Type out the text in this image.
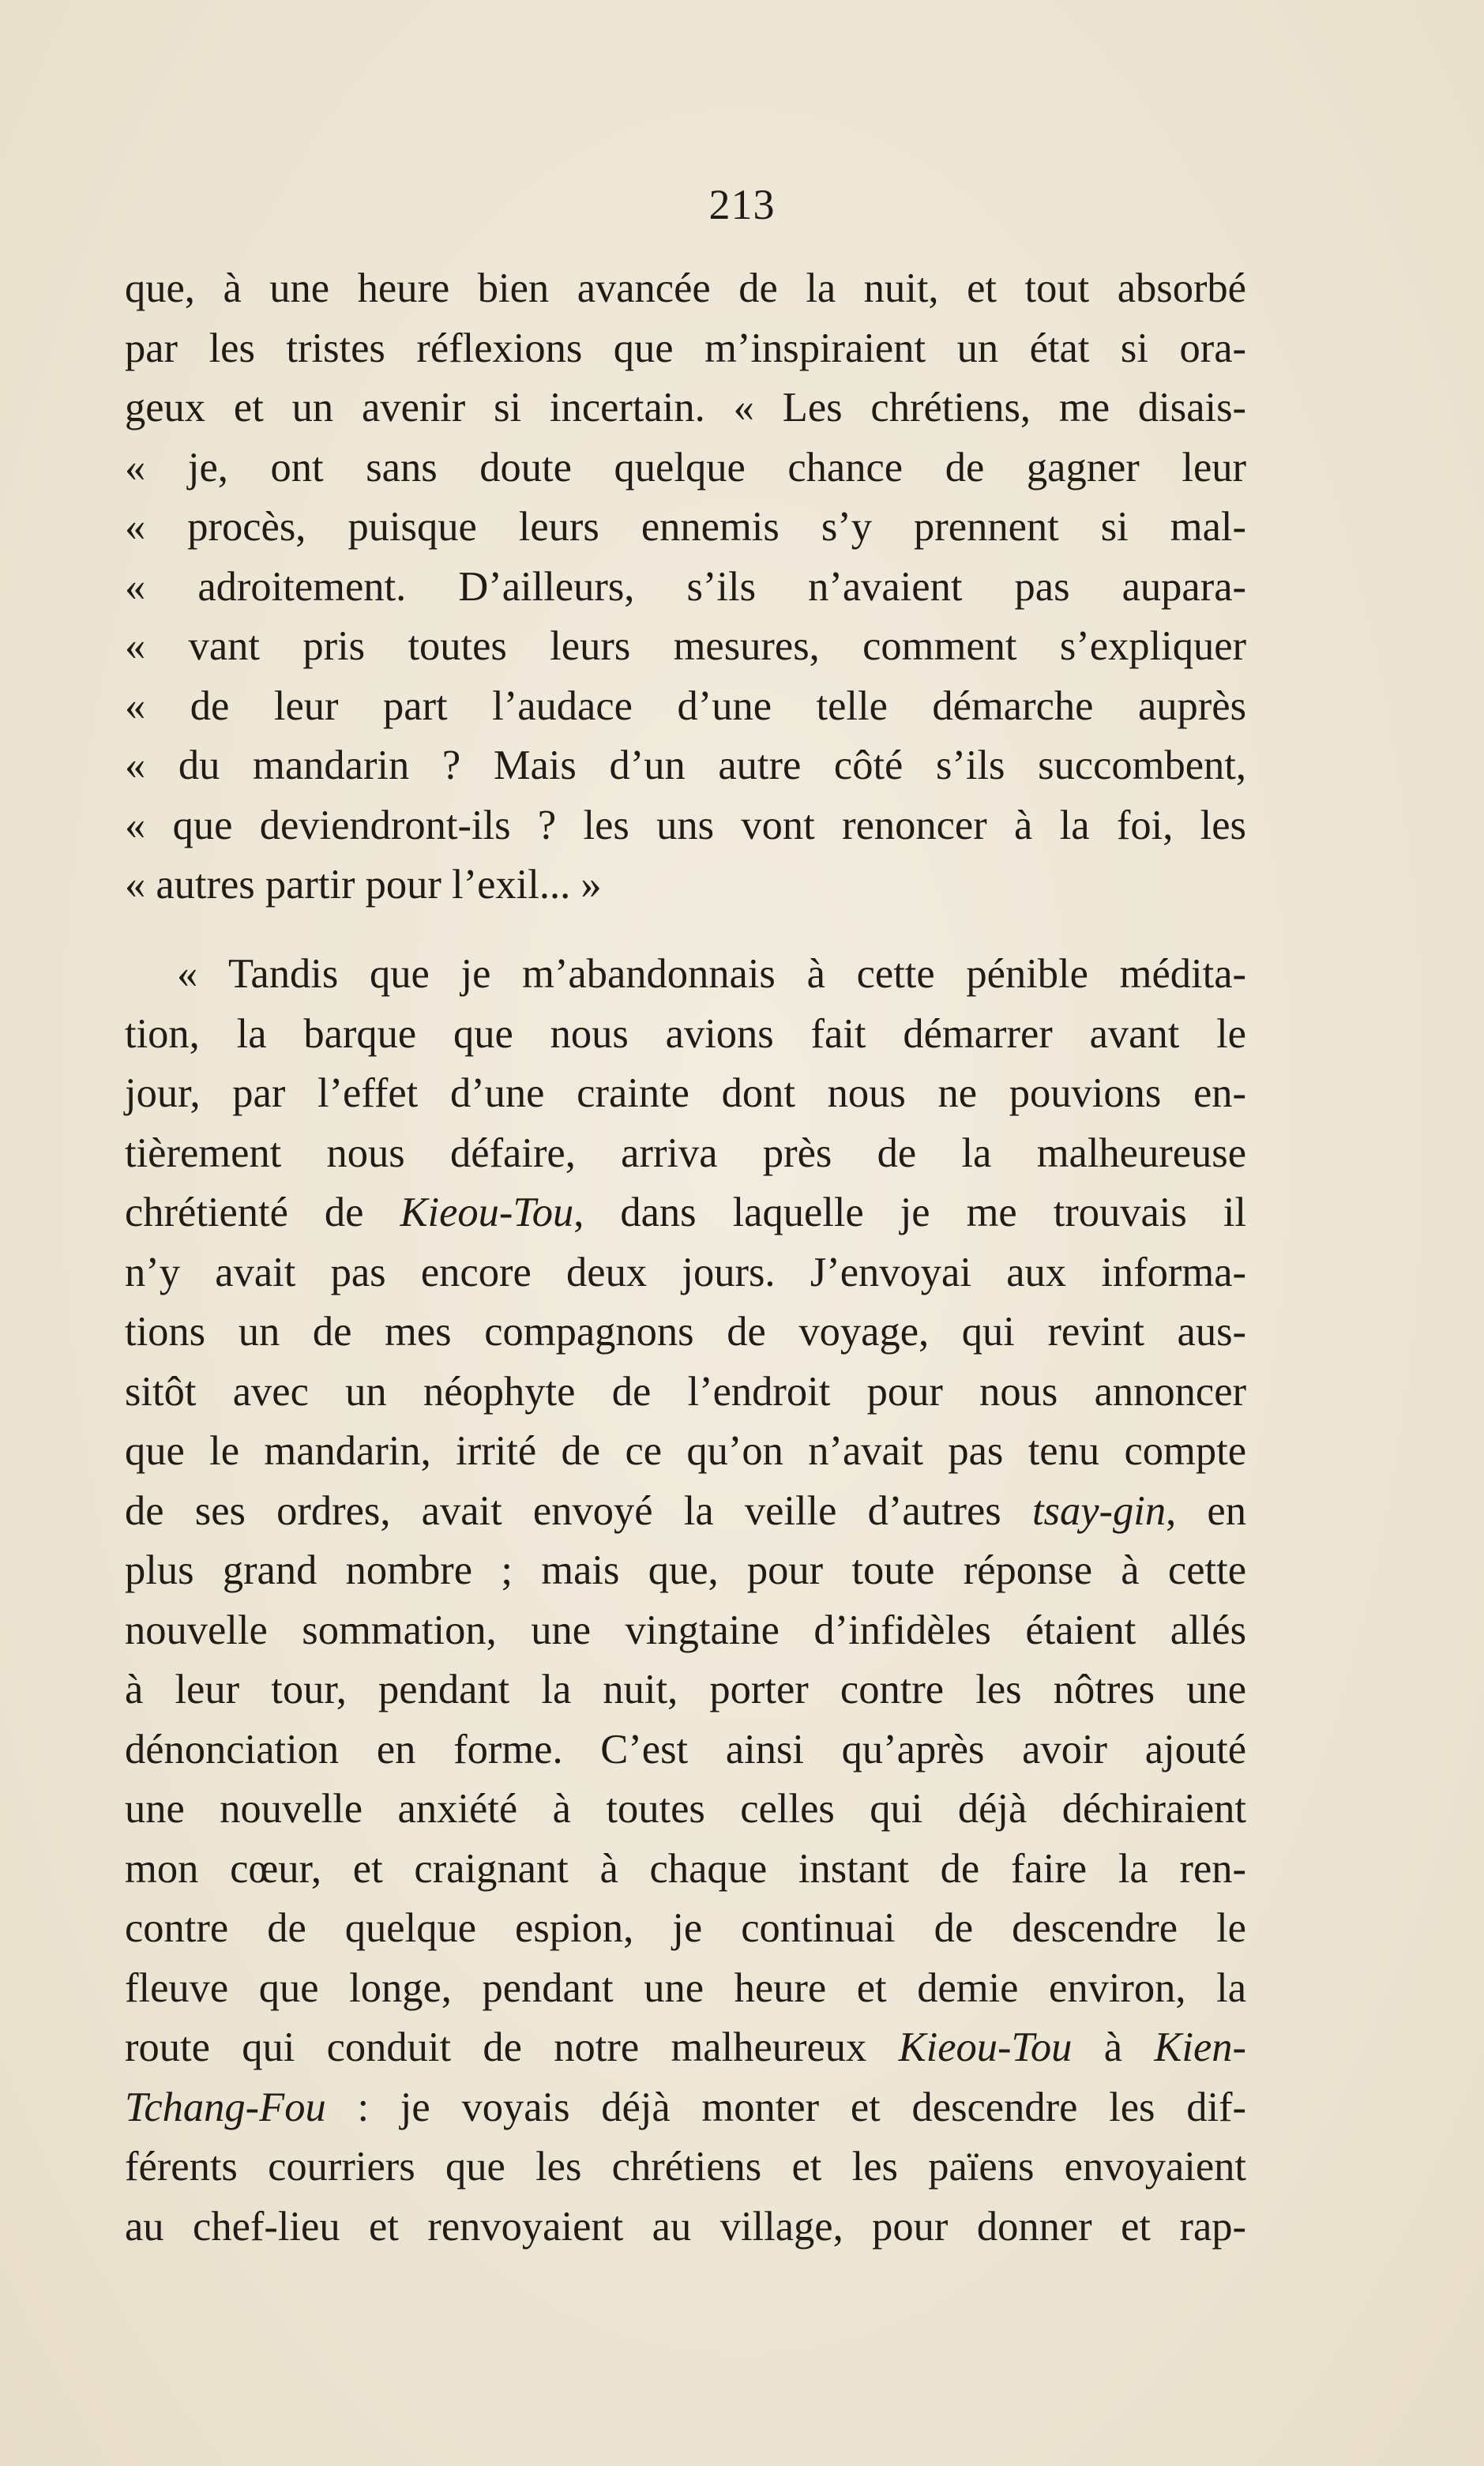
213
que, à une heure bien avancée de la nuit, et tout absorbé
par les tristes réflexions que m’inspiraient un état si ora-
geux et un avenir si incertain. « Les chrétiens, me disais-
« je, ont sans doute quelque chance de gagner leur
« procès, puisque leurs ennemis s’y prennent si mal-
« adroitement. D’ailleurs, s’ils n’avaient pas aupara-
« vant pris toutes leurs mesures, comment s’expliquer
« de leur part l’audace d’une telle démarche auprès
« du mandarin ? Mais d’un autre côté s’ils succombent,
« que deviendront-ils ? les uns vont renoncer à la foi, les
« autres partir pour l’exil... »
« Tandis que je m’abandonnais à cette pénible médita-
tion, la barque que nous avions fait démarrer avant le
jour, par l’effet d’une crainte dont nous ne pouvions en-
tièrement nous défaire, arriva près de la malheureuse
chrétienté de Kieou-Tou, dans laquelle je me trouvais il
n’y avait pas encore deux jours. J’envoyai aux informa-
tions un de mes compagnons de voyage, qui revint aus-
sitôt avec un néophyte de l’endroit pour nous annoncer
que le mandarin, irrité de ce qu’on n’avait pas tenu compte
de ses ordres, avait envoyé la veille d’autres tsay-gin, en
plus grand nombre ; mais que, pour toute réponse à cette
nouvelle sommation, une vingtaine d’infidèles étaient allés
à leur tour, pendant la nuit, porter contre les nôtres une
dénonciation en forme. C’est ainsi qu’après avoir ajouté
une nouvelle anxiété à toutes celles qui déjà déchiraient
mon cœur, et craignant à chaque instant de faire la ren-
contre de quelque espion, je continuai de descendre le
fleuve que longe, pendant une heure et demie environ, la
route qui conduit de notre malheureux Kieou-Tou à Kien-
Tchang-Fou : je voyais déjà monter et descendre les dif-
férents courriers que les chrétiens et les païens envoyaient
au chef-lieu et renvoyaient au village, pour donner et rap-
